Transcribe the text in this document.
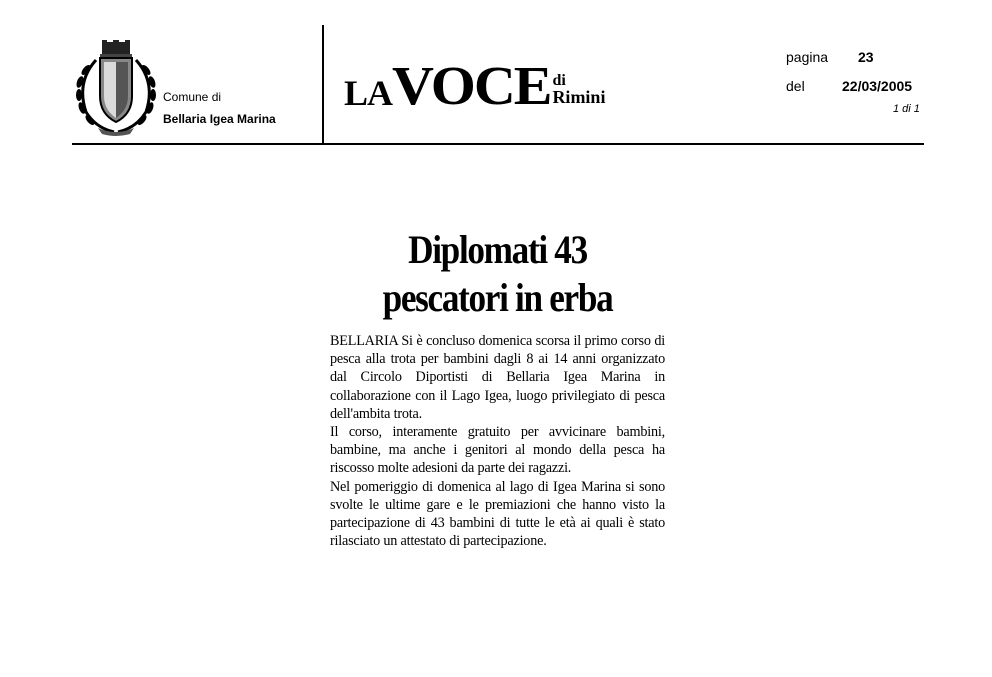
Comune di
Bellaria Igea Marina
LAVOCE di
Rimini
pagina 23
del	22/03/2005
1 di 1
Diplomati 43
pescatori in erba

BELLARIA Si è concluso domenica scorsa il primo corso di pesca alla trota per bambini dagli 8 ai 14 anni organizzato dal Circolo Diportisti di Bellaria Igea Marina in collaborazione con il Lago Igea, luogo privilegiato di pesca dell'ambita trota.

Il corso, interamente gratuito per avvicinare bambini, bambine, ma anche i genitori al mondo della pesca ha riscosso molte adesioni da parte dei ragazzi.

Nel pomeriggio di domenica al lago di Igea Marina si sono svolte le ultime gare e le premiazioni che hanno visto la partecipazione di 43 bambini di tutte le età ai quali è stato rilasciato un attestato di partecipazione.
